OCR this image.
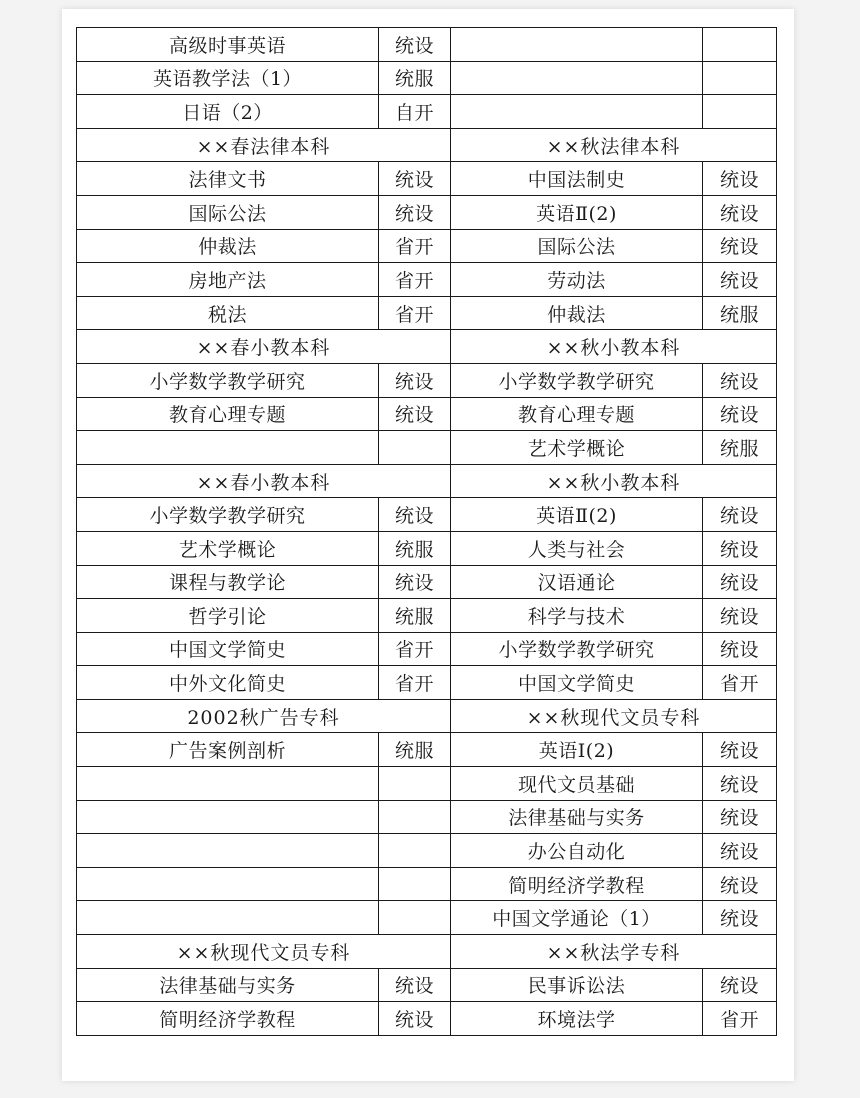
高级时事英语	统设		
英语教学法（1）	统服		
日语（2）	自开		
××春法律本科		××秋法律本科	
法律文书	统设	中国法制史	统设
国际公法	统设	英语Ⅱ(2)	统设
仲裁法	省开	国际公法	统设
房地产法	省开	劳动法	统设
税法	省开	仲裁法	统服
××春小教本科		××秋小教本科	
小学数学教学研究	统设	小学数学教学研究	统设
教育心理专题	统设	教育心理专题	统设
		艺术学概论	统服
××春小教本科		××秋小教本科	
小学数学教学研究	统设	英语Ⅱ(2)	统设
艺术学概论	统服	人类与社会	统设
课程与教学论	统设	汉语通论	统设
哲学引论	统服	科学与技术	统设
中国文学简史	省开	小学数学教学研究	统设
中外文化简史	省开	中国文学简史	省开
2002秋广告专科		××秋现代文员专科	
广告案例剖析	统服	英语Ⅰ(2)	统设
		现代文员基础	统设
		法律基础与实务	统设
		办公自动化	统设
		简明经济学教程	统设
		中国文学通论（1）	统设
××秋现代文员专科		××秋法学专科	
法律基础与实务	统设	民事诉讼法	统设
简明经济学教程	统设	环境法学	省开
